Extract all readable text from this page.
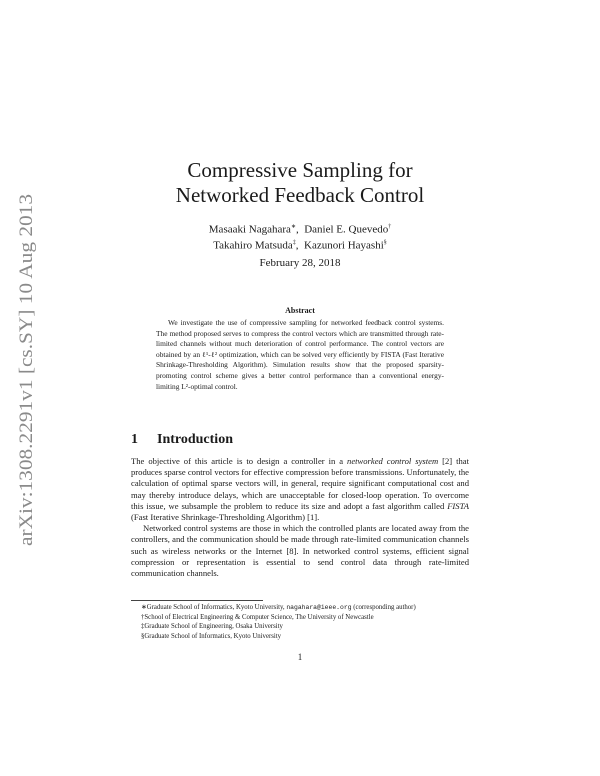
arXiv:1308.2291v1 [cs.SY] 10 Aug 2013
Compressive Sampling for
Networked Feedback Control
Masaaki Nagahara∗,  Daniel E. Quevedo†
Takahiro Matsuda‡,  Kazunori Hayashi§
February 28, 2018
Abstract
We investigate the use of compressive sampling for networked feedback control systems. The method proposed serves to compress the control vectors which are transmitted through rate-limited channels without much deterioration of control performance. The control vectors are obtained by an ℓ¹-ℓ² optimization, which can be solved very efficiently by FISTA (Fast Iterative Shrinkage-Thresholding Algorithm). Simulation results show that the proposed sparsity-promoting control scheme gives a better control performance than a conventional energy-limiting L²-optimal control.
1 Introduction

The objective of this article is to design a controller in a networked control system [2] that produces sparse control vectors for effective compression before transmissions. Unfortunately, the calculation of optimal sparse vectors will, in general, require significant computational cost and may thereby introduce delays, which are unacceptable for closed-loop operation. To overcome this issue, we subsample the problem to reduce its size and adopt a fast algorithm called FISTA (Fast Iterative Shrinkage-Thresholding Algorithm) [1].

Networked control systems are those in which the controlled plants are located away from the controllers, and the communication should be made through rate-limited communication channels such as wireless networks or the Internet [8]. In networked control systems, efficient signal compression or representation is essential to send control data through rate-limited communication channels.

∗Graduate School of Informatics, Kyoto University, nagahara@ieee.org (corresponding author)
†School of Electrical Engineering & Computer Science, The University of Newcastle
‡Graduate School of Engineering, Osaka University
§Graduate School of Informatics, Kyoto University
1
